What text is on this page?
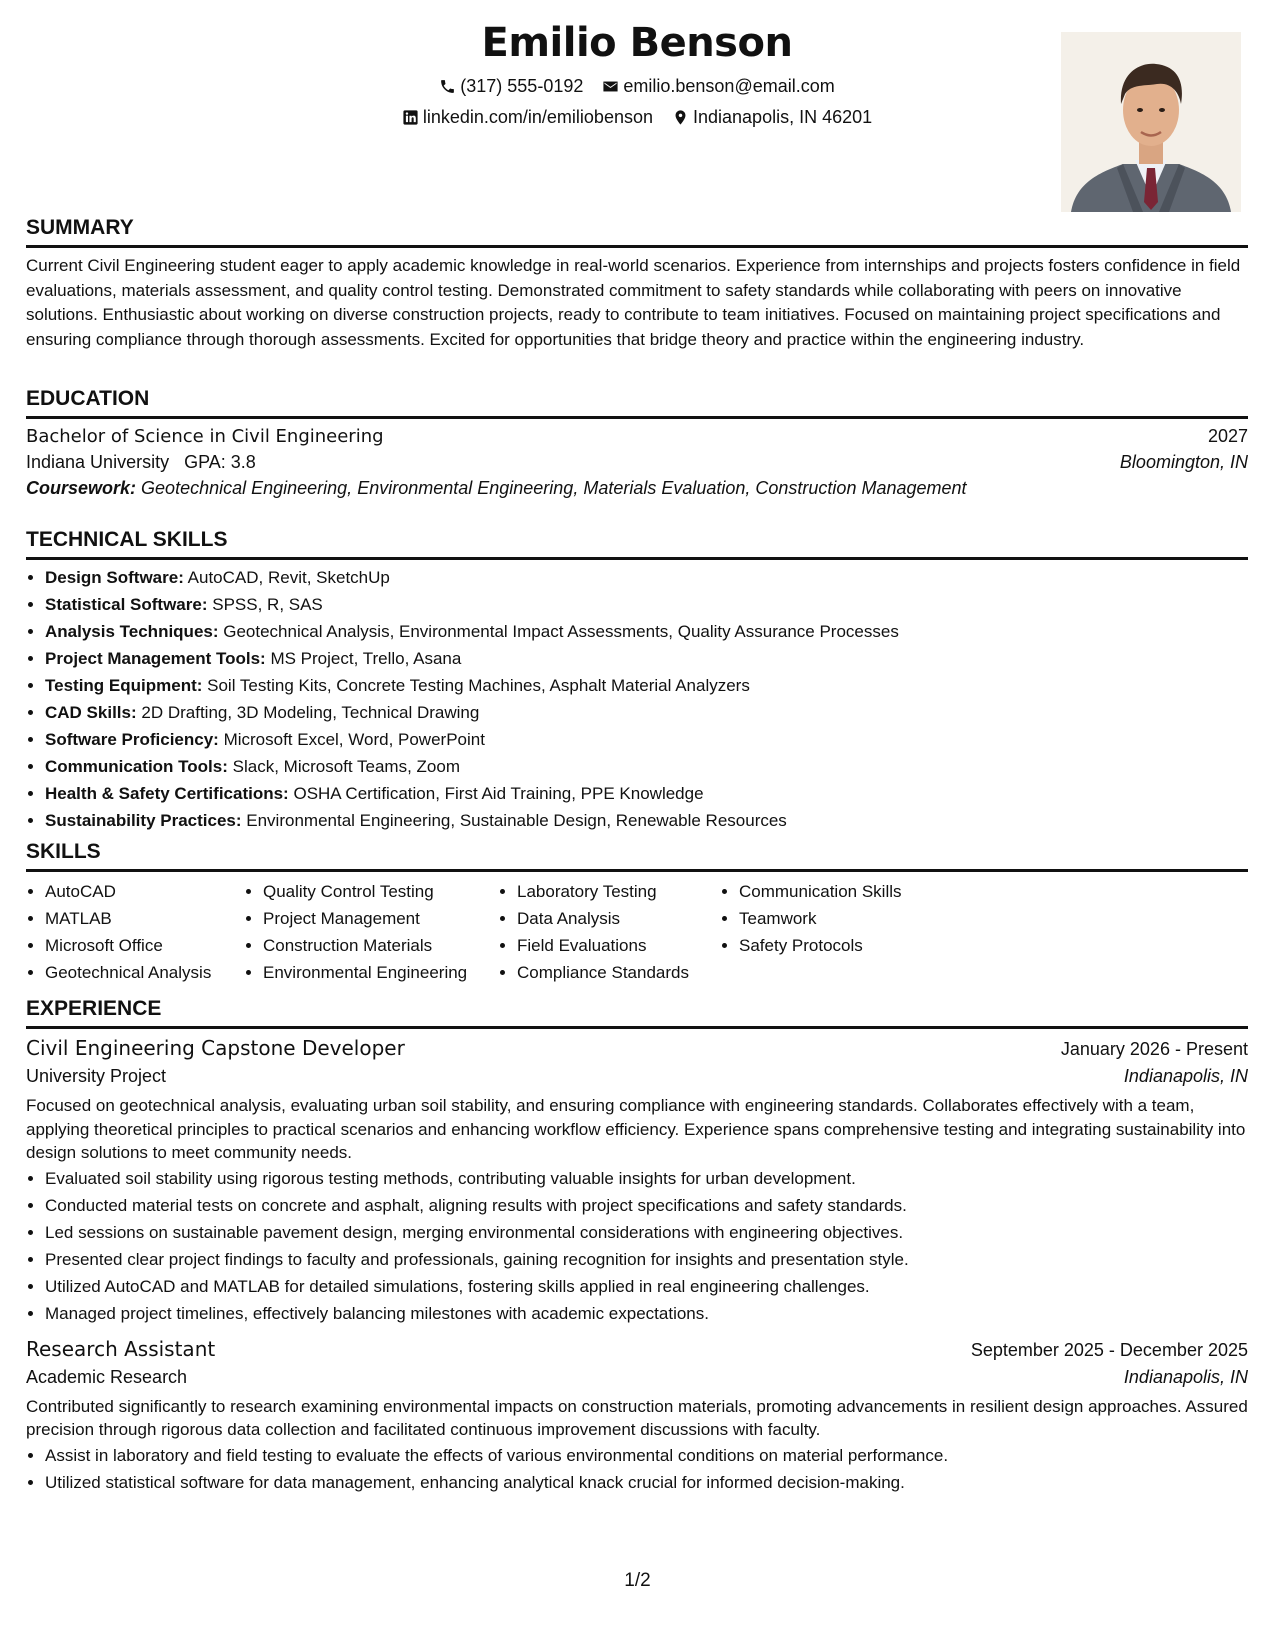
Emilio Benson
(317) 555-0192
emilio.benson@email.com
linkedin.com/in/emiliobenson
Indianapolis, IN 46201
SUMMARY

Current Civil Engineering student eager to apply academic knowledge in real-world scenarios. Experience from internships and projects fosters confidence in field evaluations, materials assessment, and quality control testing. Demonstrated commitment to safety standards while collaborating with peers on innovative solutions. Enthusiastic about working on diverse construction projects, ready to contribute to team initiatives. Focused on maintaining project specifications and ensuring compliance through thorough assessments. Excited for opportunities that bridge theory and practice within the engineering industry.

EDUCATION
Bachelor of Science in Civil Engineering	2027
Indiana University GPA: 3.8	Bloomington, IN
Coursework: Geotechnical Engineering, Environmental Engineering, Materials Evaluation, Construction Management
TECHNICAL SKILLS
• Design Software: AutoCAD, Revit, SketchUp
• Statistical Software: SPSS, R, SAS
• Analysis Techniques: Geotechnical Analysis, Environmental Impact Assessments, Quality Assurance Processes
• Project Management Tools: MS Project, Trello, Asana
• Testing Equipment: Soil Testing Kits, Concrete Testing Machines, Asphalt Material Analyzers
• CAD Skills: 2D Drafting, 3D Modeling, Technical Drawing
• Software Proficiency: Microsoft Excel, Word, PowerPoint
• Communication Tools: Slack, Microsoft Teams, Zoom
• Health & Safety Certifications: OSHA Certification, First Aid Training, PPE Knowledge
• Sustainability Practices: Environmental Engineering, Sustainable Design, Renewable Resources
SKILLS
• AutoCAD
• MATLAB
• Microsoft Office
• Geotechnical Analysis
• Quality Control Testing
• Project Management
• Construction Materials
• Environmental Engineering
• Laboratory Testing
• Data Analysis
• Field Evaluations
• Compliance Standards
• Communication Skills
• Teamwork
• Safety Protocols
EXPERIENCE
Civil Engineering Capstone Developer	January 2026 - Present
University Project	Indianapolis, IN

Focused on geotechnical analysis, evaluating urban soil stability, and ensuring compliance with engineering standards. Collaborates effectively with a team, applying theoretical principles to practical scenarios and enhancing workflow efficiency. Experience spans comprehensive testing and integrating sustainability into design solutions to meet community needs.

• Evaluated soil stability using rigorous testing methods, contributing valuable insights for urban development.
• Conducted material tests on concrete and asphalt, aligning results with project specifications and safety standards.
• Led sessions on sustainable pavement design, merging environmental considerations with engineering objectives.
• Presented clear project findings to faculty and professionals, gaining recognition for insights and presentation style.
• Utilized AutoCAD and MATLAB for detailed simulations, fostering skills applied in real engineering challenges.
• Managed project timelines, effectively balancing milestones with academic expectations.
Research Assistant	September 2025 - December 2025
Academic Research	Indianapolis, IN

Contributed significantly to research examining environmental impacts on construction materials, promoting advancements in resilient design approaches. Assured precision through rigorous data collection and facilitated continuous improvement discussions with faculty.

• Assist in laboratory and field testing to evaluate the effects of various environmental conditions on material performance.
• Utilized statistical software for data management, enhancing analytical knack crucial for informed decision-making.
1/2
